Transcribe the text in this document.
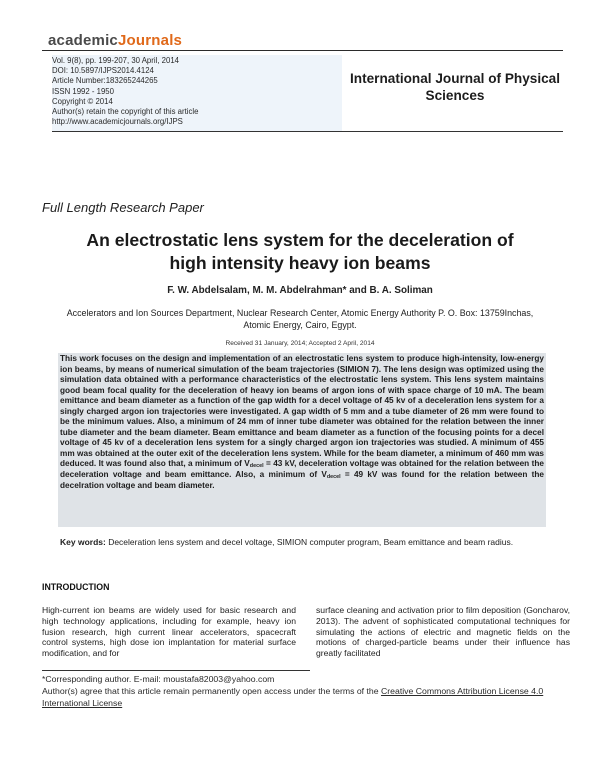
academicJournals
Vol. 9(8), pp. 199-207, 30 April, 2014
DOI: 10.5897/IJPS2014.4124
Article Number:18326524426​5
ISSN 1992 - 1950
Copyright © 2014
Author(s) retain the copyright of this article
http://www.academicjournals.org/IJPS
International Journal of Physical
Sciences
Full Length Research Paper
An electrostatic lens system for the deceleration of
high intensity heavy ion beams
F. W. Abdelsalam, M. M. Abdelrahman* and B. A. Soliman
Accelerators and Ion Sources Department, Nuclear Research Center, Atomic Energy Authority P. O. Box: 13759Inchas,
Atomic Energy, Cairo, Egypt.
Received 31 January, 2014; Accepted 2 April, 2014
This work focuses on the design and implementation of an electrostatic lens system to produce high-intensity, low-energy ion beams, by means of numerical simulation of the beam trajectories (SIMION 7). The lens design was optimized using the simulation data obtained with a performance characteristics of the electrostatic lens system. This lens system maintains good beam focal quality for the deceleration of heavy ion beams of argon ions of with space charge of 10 mA. The beam emittance and beam diameter as a function of the gap width for a decel voltage of 45 kv of a deceleration lens system for a singly charged argon ion trajectories were investigated. A gap width of 5 mm and a tube diameter of 26 mm were found to be the minimum values. Also, a minimum of 24 mm of inner tube diameter was obtained for the relation between the inner tube diameter and the beam diameter. Beam emittance and beam diameter as a function of the focusing points for a decel voltage of 45 kv of a deceleration lens system for a singly charged argon ion trajectories was studied. A minimum of 455 mm was obtained at the outer exit of the deceleration lens system. While for the beam diameter, a minimum of 460 mm was deduced. It was found also that, a minimum of $V_{decel} = 43$ kV, deceleration voltage was obtained for the relation between the deceleration voltage and beam emittance. Also, a minimum of $V_{decel} = 49$ kV was found for the relation between the decelration voltage and beam diameter.
Key words: Deceleration lens system and decel voltage, SIMION computer program, Beam emittance and beam radius.
INTRODUCTION
High-current ion beams are widely used for basic research and high technology applications, including for example, heavy ion fusion research, high current linear accelerators, spacecraft control systems, high dose ion implantation for material surface modification, and for
surface cleaning and activation prior to film deposition (Goncharov, 2013). The advent of sophisticated computational techniques for simulating the actions of electric and magnetic fields on the motions of charged-particle beams under their influence has greatly facilitated
*Corresponding author. E-mail: moustafa82003@yahoo.com
Author(s) agree that this article remain permanently open access under the terms of the Creative Commons Attribution License 4.0 International License
